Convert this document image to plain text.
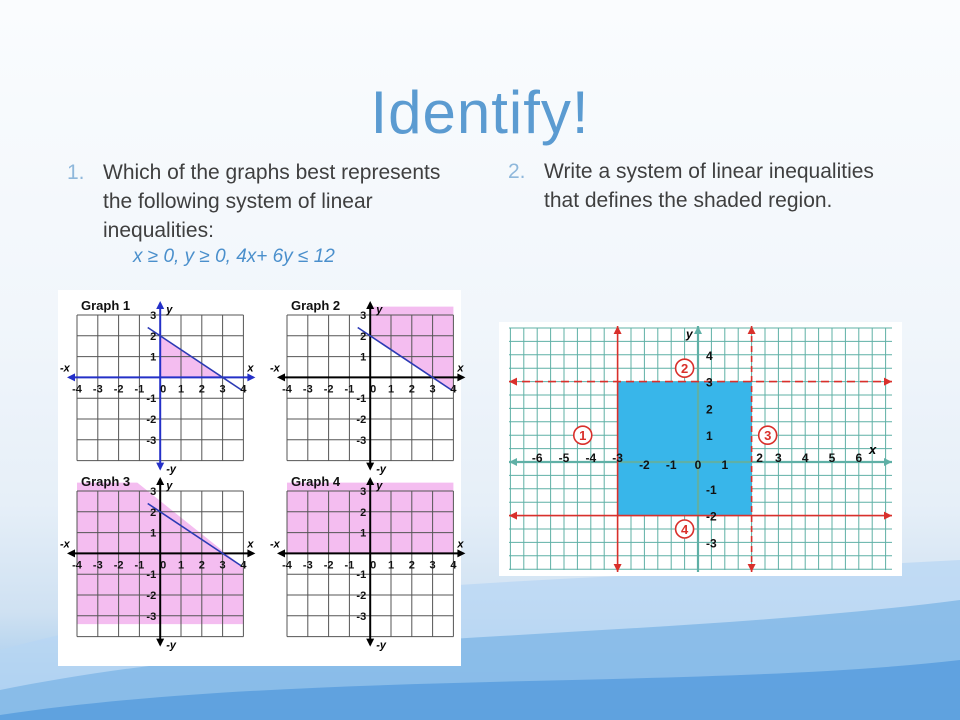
Identify!
1. Which of the graphs best represents the following system of linear inequalities:
x ≥ 0, y ≥ 0, 4x+ 6y ≤ 12
2. Write a system of linear inequalities that defines the shaded region.
Graph 1	y
-y
x
-x
-4 -3 -2 -1 0 1 2 3 4
1
2
3
-1
-2
-3
Graph 2	y
-y
x
-x
-4 -3 -2 -1 0 1 2 3 4
1
2
3
-1
-2
-3
Graph 3	y
-y
x
-x
-4 -3 -2 -1 0 1 2 3 4
1
2
3
-1
-2
-3
Graph 4	y
-y
x
-x
-4 -3 -2 -1 0 1 2 3 4
1
2
3
-1
-2
-3
y
x
-6 -5 -4 -3 -2 -1 0 1 2 3 4 5 6
4
3
2
1
-1
-2
-3
1
2
3
4
